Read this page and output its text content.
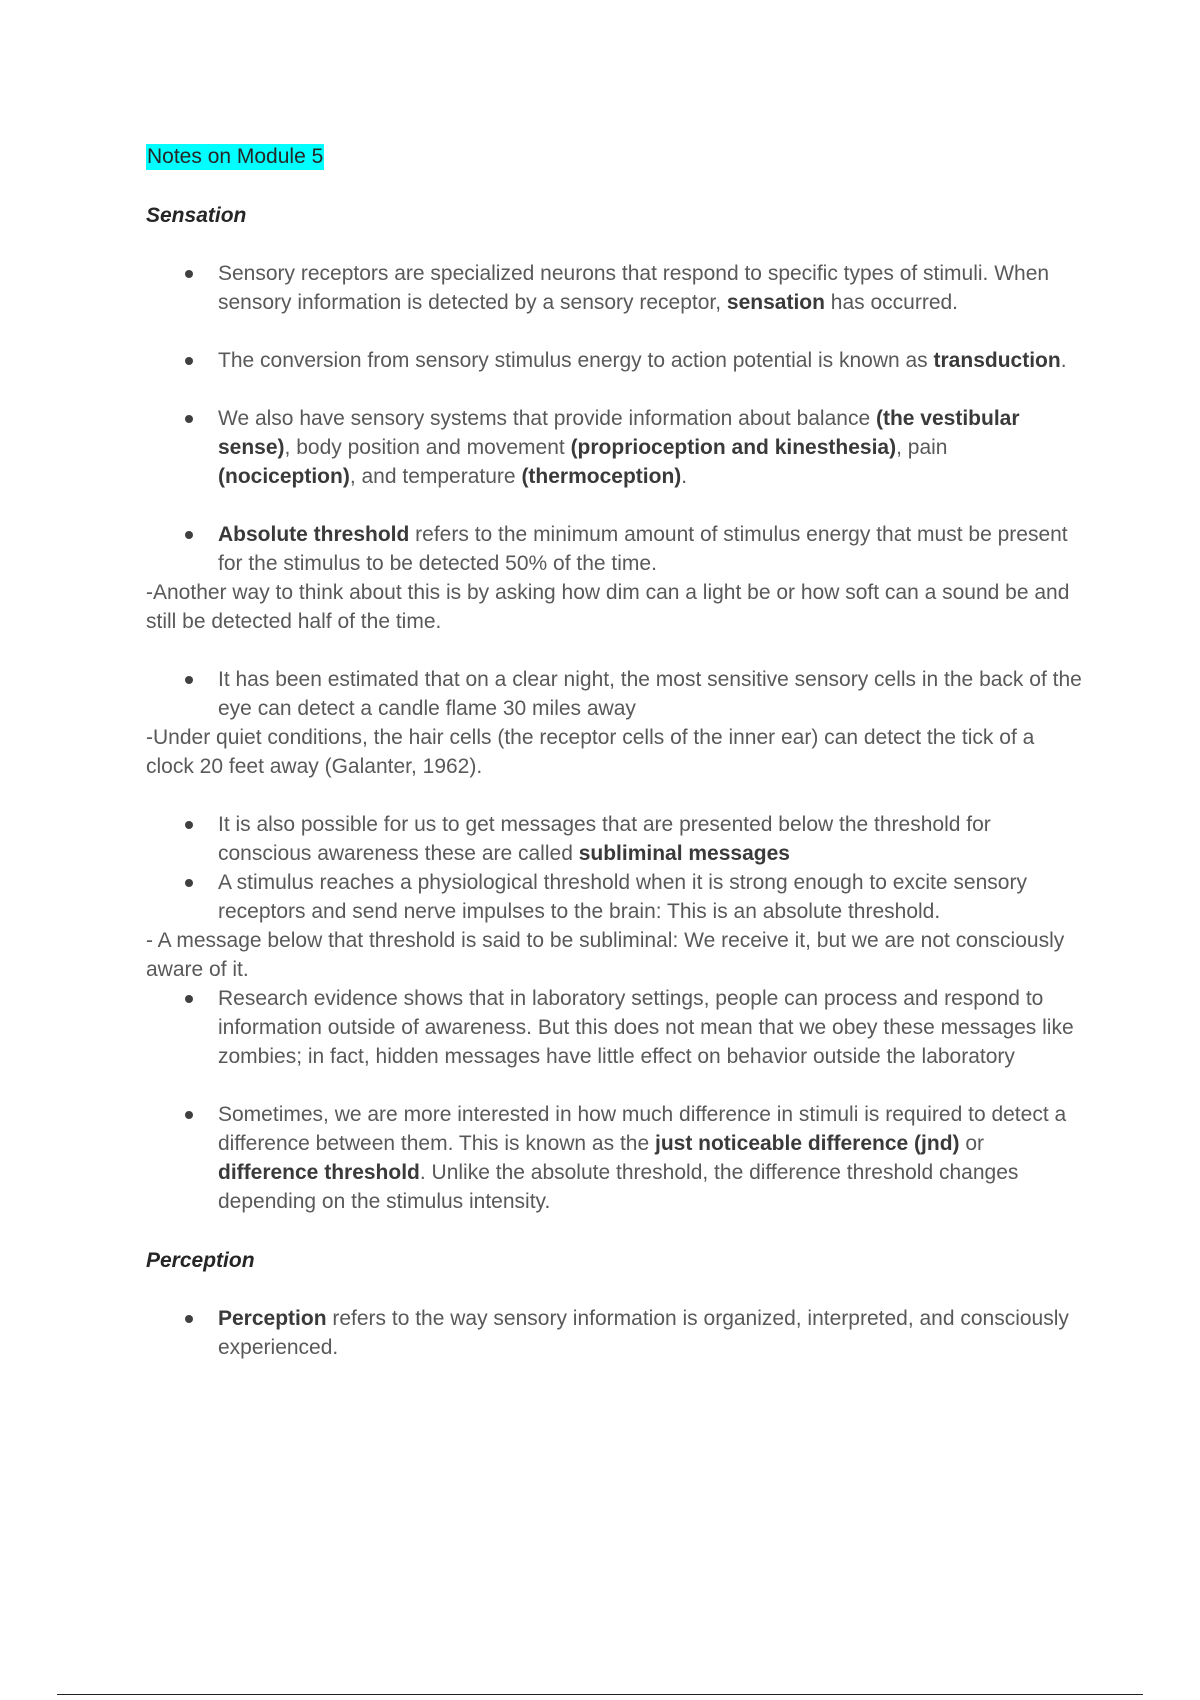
Notes on Module 5
Sensation
Sensory receptors are specialized neurons that respond to specific types of stimuli. When sensory information is detected by a sensory receptor, sensation has occurred.
The conversion from sensory stimulus energy to action potential is known as transduction.
We also have sensory systems that provide information about balance (the vestibular sense), body position and movement (proprioception and kinesthesia), pain (nociception), and temperature (thermoception).
Absolute threshold refers to the minimum amount of stimulus energy that must be present for the stimulus to be detected 50% of the time.

-Another way to think about this is by asking how dim can a light be or how soft can a sound be and still be detected half of the time.

It has been estimated that on a clear night, the most sensitive sensory cells in the back of the eye can detect a candle flame 30 miles away

-Under quiet conditions, the hair cells (the receptor cells of the inner ear) can detect the tick of a clock 20 feet away (Galanter, 1962).

It is also possible for us to get messages that are presented below the threshold for conscious awareness these are called subliminal messages
A stimulus reaches a physiological threshold when it is strong enough to excite sensory receptors and send nerve impulses to the brain: This is an absolute threshold.

- A message below that threshold is said to be subliminal: We receive it, but we are not consciously aware of it.

Research evidence shows that in laboratory settings, people can process and respond to information outside of awareness. But this does not mean that we obey these messages like zombies; in fact, hidden messages have little effect on behavior outside the laboratory
Sometimes, we are more interested in how much difference in stimuli is required to detect a difference between them. This is known as the just noticeable difference (jnd) or difference threshold. Unlike the absolute threshold, the difference threshold changes depending on the stimulus intensity.
Perception
Perception refers to the way sensory information is organized, interpreted, and consciously experienced.
